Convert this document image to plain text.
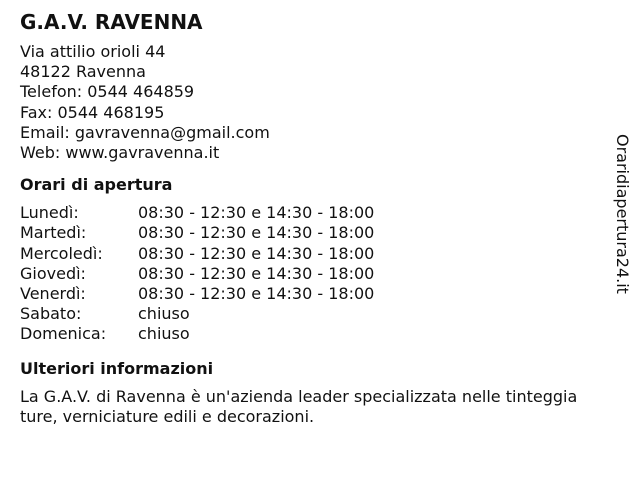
G.A.V. RAVENNA
Via attilio orioli 44
48122 Ravenna
Telefon: 0544 464859
Fax: 0544 468195
Email: gavravenna@gmail.com
Web: www.gavravenna.it
Orari di apertura
Lunedì:	08:30 - 12:30 e 14:30 - 18:00
Martedì:	08:30 - 12:30 e 14:30 - 18:00
Mercoledì:	08:30 - 12:30 e 14:30 - 18:00
Giovedì:	08:30 - 12:30 e 14:30 - 18:00
Venerdì:	08:30 - 12:30 e 14:30 - 18:00
Sabato:	chiuso
Domenica:	chiuso
Ulteriori informazioni
La G.A.V. di Ravenna è un'azienda leader specializzata nelle tinteggiature, verniciature edili e decorazioni.
Oraridiapertura24.it
